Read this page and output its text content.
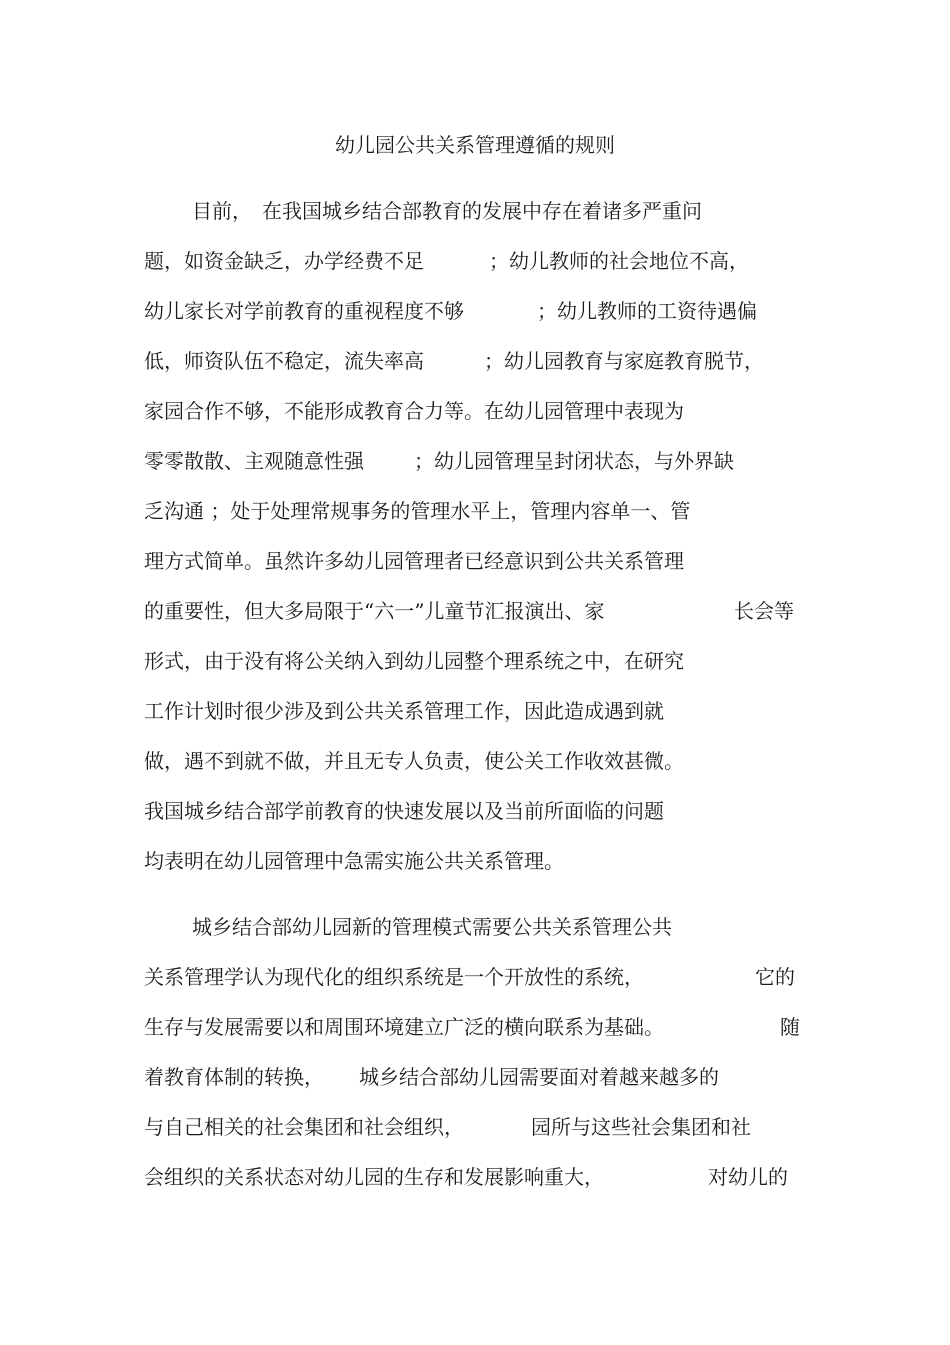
幼儿园公共关系管理遵循的规则
目前， 在我国城乡结合部教育的发展中存在着诸多严重问
题，如资金缺乏，办学经费不足	；幼儿教师的社会地位不高，
幼儿家长对学前教育的重视程度不够	；幼儿教师的工资待遇偏
低，师资队伍不稳定，流失率高	；幼儿园教育与家庭教育脱节，
家园合作不够，不能形成教育合力等。在幼儿园管理中表现为
零零散散、主观随意性强	；幼儿园管理呈封闭状态，与外界缺
乏沟通 ；处于处理常规事务的管理水平上，管理内容单一、管
理方式简单。虽然许多幼儿园管理者已经意识到公共关系管理
的重要性，但大多局限于“六一”儿童节汇报演出、家	长会等
形式，由于没有将公关纳入到幼儿园整个理系统之中，在研究
工作计划时很少涉及到公共关系管理工作，因此造成遇到就
做，遇不到就不做，并且无专人负责，使公关工作收效甚微。
我国城乡结合部学前教育的快速发展以及当前所面临的问题
均表明在幼儿园管理中急需实施公共关系管理。
城乡结合部幼儿园新的管理模式需要公共关系管理公共
关系管理学认为现代化的组织系统是一个开放性的系统，	它的
生存与发展需要以和周围环境建立广泛的横向联系为基础。	随
着教育体制的转换， 城乡结合部幼儿园需要面对着越来越多的
与自己相关的社会集团和社会组织，	园所与这些社会集团和社
会组织的关系状态对幼儿园的生存和发展影响重大，	对幼儿的
